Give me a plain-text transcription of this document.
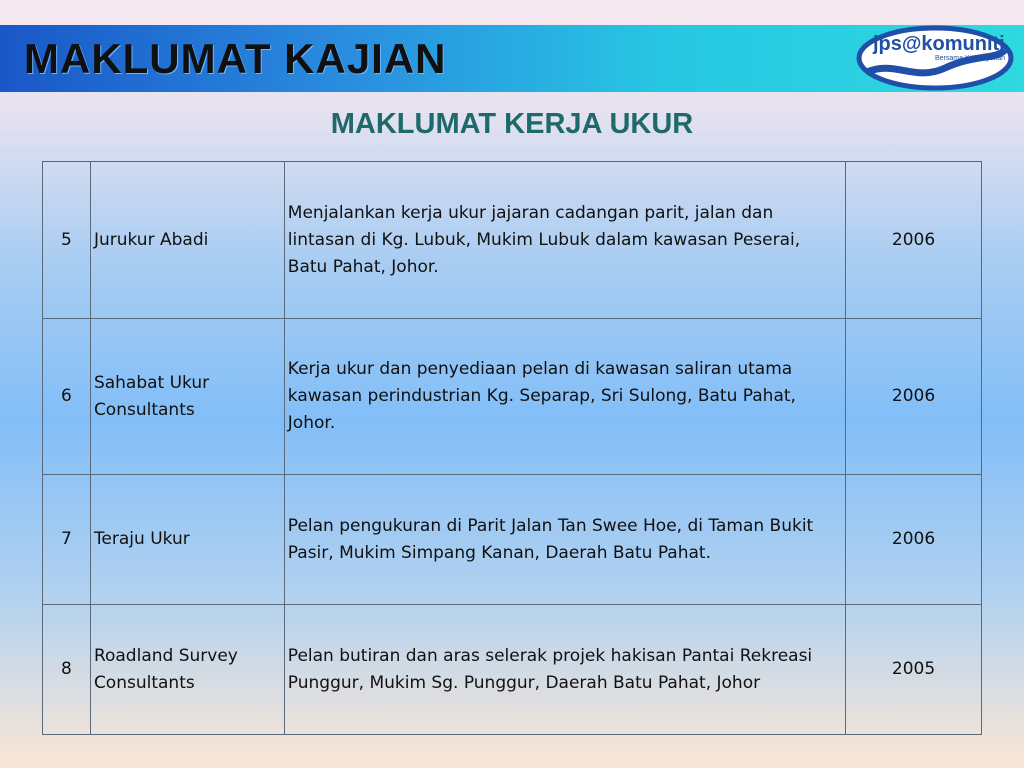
MAKLUMAT KAJIAN	jps@komuniti
Bersama Kita Jayakan
MAKLUMAT KERJA UKUR
5	Jurukur Abadi	Menjalankan kerja ukur jajaran cadangan parit, jalan dan lintasan di Kg. Lubuk, Mukim Lubuk dalam kawasan Peserai, Batu Pahat, Johor.	2006
6	Sahabat Ukur Consultants	Kerja ukur dan penyediaan pelan di kawasan saliran utama kawasan perindustrian Kg. Separap, Sri Sulong, Batu Pahat, Johor.	2006
7	Teraju Ukur	Pelan pengukuran di Parit Jalan Tan Swee Hoe, di Taman Bukit Pasir, Mukim Simpang Kanan, Daerah Batu Pahat.	2006
8	Roadland Survey Consultants	Pelan butiran dan aras selerak projek hakisan Pantai Rekreasi Punggur, Mukim Sg. Punggur, Daerah Batu Pahat, Johor	2005
